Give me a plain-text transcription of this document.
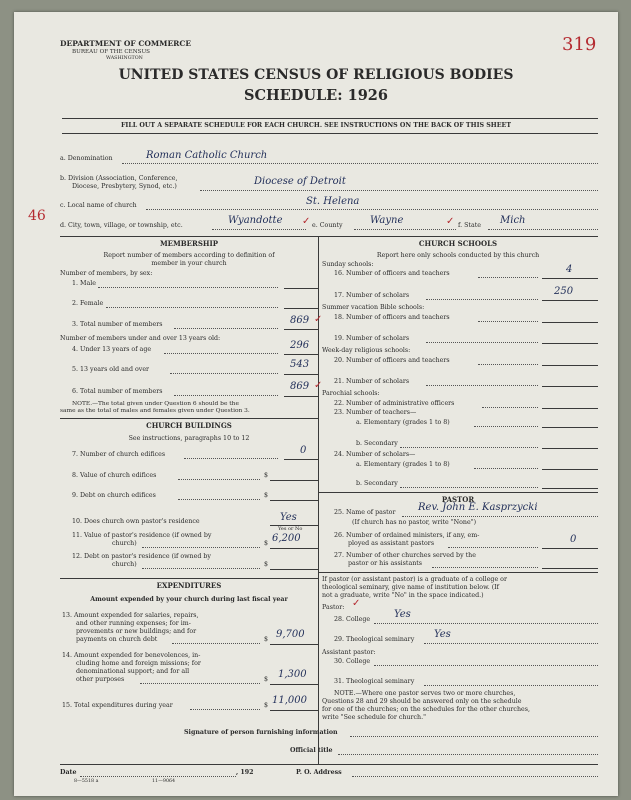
DEPARTMENT OF COMMERCE
BUREAU OF THE CENSUS
WASHINGTON
319
UNITED STATES CENSUS OF RELIGIOUS BODIES
SCHEDULE: 1926
FILL OUT A SEPARATE SCHEDULE FOR EACH CHURCH. SEE INSTRUCTIONS ON THE BACK OF THIS SHEET
46
a. Denomination	Roman Catholic Church
b. Division (Association, Conference,
Diocese, Presbytery, Synod, etc.)	Diocese of Detroit
c. Local name of church	St. Helena
d. City, town, village, or township, etc.	Wyandotte ✓ e. County	Wayne	✓ f. State Mich
MEMBERSHIP
Report number of members according to definition of
member in your church
Number of members, by sex:
1. Male
2. Female
3. Total number of members	869 ✓
Number of members under and over 13 years old:
4. Under 13 years of age	296
5. 13 years old and over	543
6. Total number of members	869 ✓
NOTE.—The total given under Question 6 should be the
same as the total of males and females given under Question 3.
CHURCH BUILDINGS
See instructions, paragraphs 10 to 12
7. Number of church edifices	0
8. Value of church edifices	$
9. Debt on church edifices	$
10. Does church own pastor's residence	Yes
Yes or No
11. Value of pastor's residence (if owned by
church)	$ 6,200
12. Debt on pastor's residence (if owned by
church)	$
EXPENDITURES
Amount expended by your church during last fiscal year
13. Amount expended for salaries, repairs,
and other running expenses; for im-
provements or new buildings; and for
payments on church debt	$ 9,700
14. Amount expended for benevolences, in-
cluding home and foreign missions; for
denominational support; and for all
other purposes	$ 1,300
15. Total expenditures during year	$ 11,000
CHURCH SCHOOLS
Report here only schools conducted by this church
Sunday schools:
16. Number of officers and teachers	4
17. Number of scholars	250
Summer vacation Bible schools:
18. Number of officers and teachers
19. Number of scholars
Week-day religious schools:
20. Number of officers and teachers
21. Number of scholars
Parochial schools:
22. Number of administrative officers
23. Number of teachers—
a. Elementary (grades 1 to 8)
b. Secondary
24. Number of scholars—
a. Elementary (grades 1 to 8)
b. Secondary
PASTOR
25. Name of pastor Rev. John E. Kasprzycki
(If church has no pastor, write "None")
26. Number of ordained ministers, if any, em-
ployed as assistant pastors	0
27. Number of other churches served by the
pastor or his assistants
If pastor (or assistant pastor) is a graduate of a college or
theological seminary, give name of institution below. (If
not a graduate, write "No" in the space indicated.)
Pastor: ✓
28. College Yes
29. Theological seminary Yes
Assistant pastor:
30. College
31. Theological seminary
NOTE.—Where one pastor serves two or more churches,
Questions 28 and 29 should be answered only on the schedule
for one of the churches; on the schedules for the other churches,
write "See schedule for church."
Signature of person furnishing information
Official title
Date	, 192	P. O. Address
8—5518 a	11—9064
